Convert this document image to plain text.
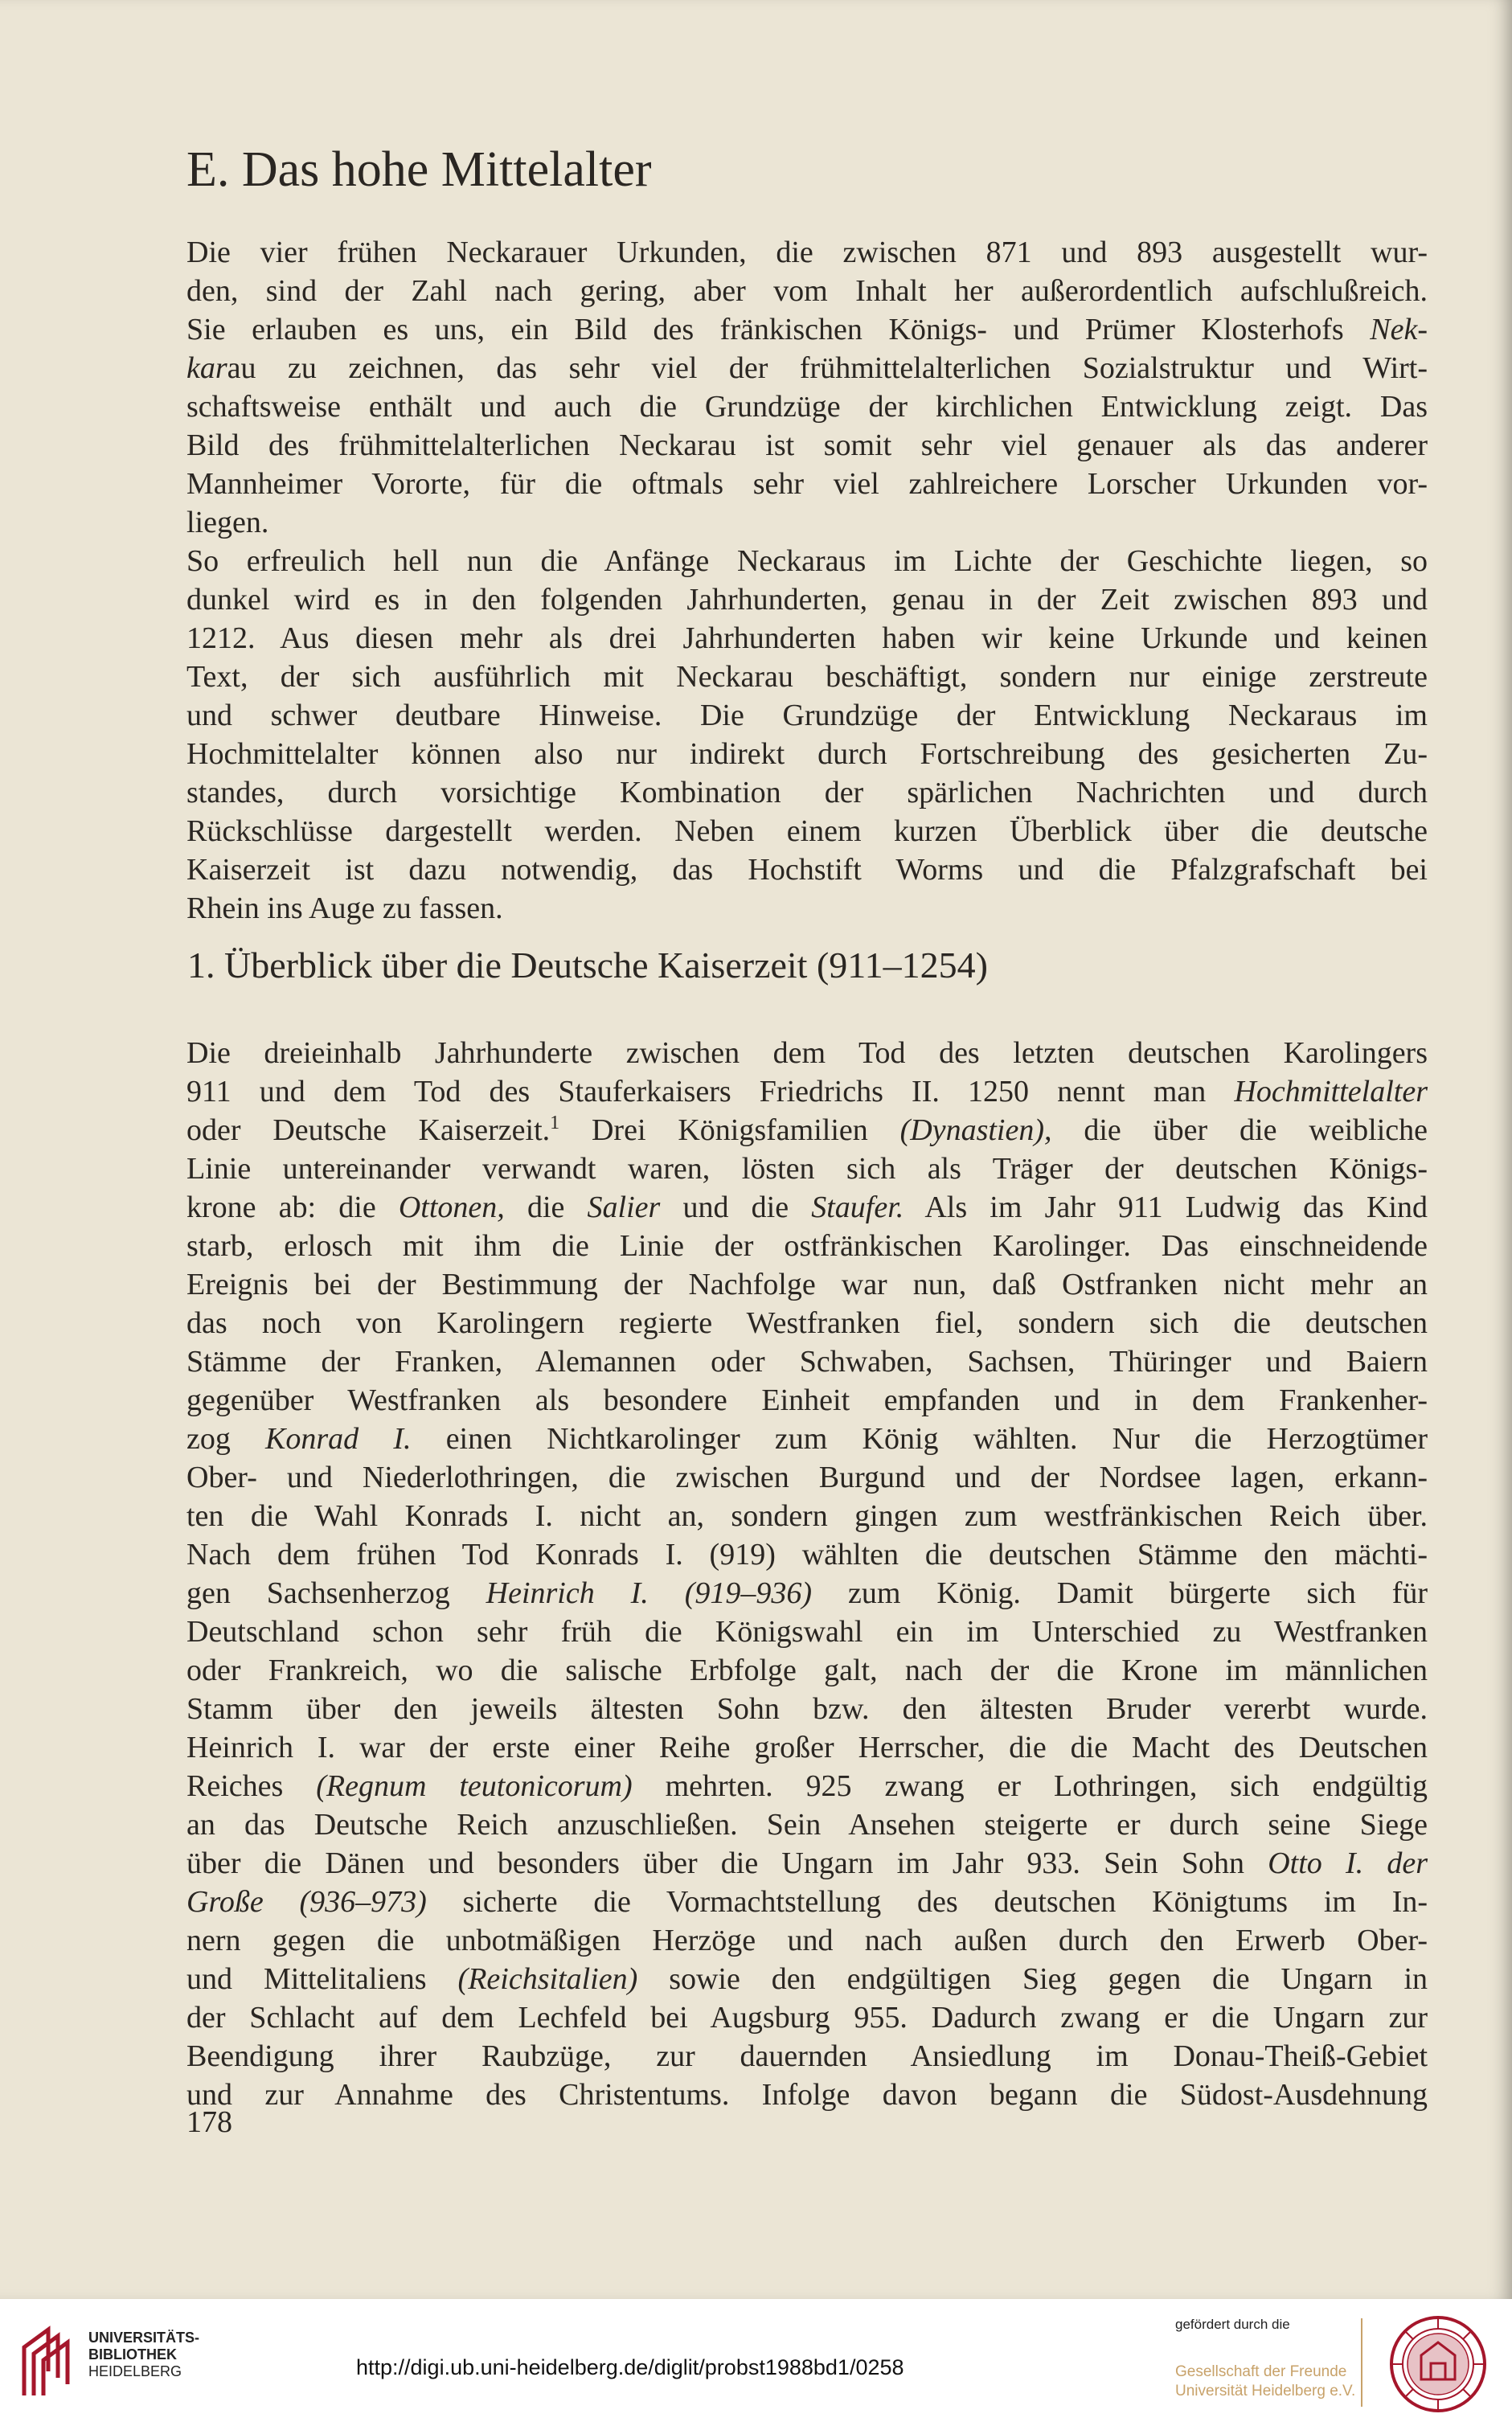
E. Das hohe Mittelalter
Die vier frühen Neckarauer Urkunden, die zwischen 871 und 893 ausgestellt wur-
den, sind der Zahl nach gering, aber vom Inhalt her außerordentlich aufschlußreich.
Sie erlauben es uns, ein Bild des fränkischen Königs- und Prümer Klosterhofs Nek-
karau zu zeichnen, das sehr viel der frühmittelalterlichen Sozialstruktur und Wirt-
schaftsweise enthält und auch die Grundzüge der kirchlichen Entwicklung zeigt. Das
Bild des frühmittelalterlichen Neckarau ist somit sehr viel genauer als das anderer
Mannheimer Vororte, für die oftmals sehr viel zahlreichere Lorscher Urkunden vor-
liegen.
So erfreulich hell nun die Anfänge Neckaraus im Lichte der Geschichte liegen, so
dunkel wird es in den folgenden Jahrhunderten, genau in der Zeit zwischen 893 und
1212. Aus diesen mehr als drei Jahrhunderten haben wir keine Urkunde und keinen
Text, der sich ausführlich mit Neckarau beschäftigt, sondern nur einige zerstreute
und schwer deutbare Hinweise. Die Grundzüge der Entwicklung Neckaraus im
Hochmittelalter können also nur indirekt durch Fortschreibung des gesicherten Zu-
standes, durch vorsichtige Kombination der spärlichen Nachrichten und durch
Rückschlüsse dargestellt werden. Neben einem kurzen Überblick über die deutsche
Kaiserzeit ist dazu notwendig, das Hochstift Worms und die Pfalzgrafschaft bei
Rhein ins Auge zu fassen.
1. Überblick über die Deutsche Kaiserzeit (911–1254)
Die dreieinhalb Jahrhunderte zwischen dem Tod des letzten deutschen Karolingers
911 und dem Tod des Stauferkaisers Friedrichs II. 1250 nennt man Hochmittelalter
oder Deutsche Kaiserzeit.$^1$ Drei Königsfamilien (Dynastien), die über die weibliche
Linie untereinander verwandt waren, lösten sich als Träger der deutschen Königs-
krone ab: die Ottonen, die Salier und die Staufer. Als im Jahr 911 Ludwig das Kind
starb, erlosch mit ihm die Linie der ostfränkischen Karolinger. Das einschneidende
Ereignis bei der Bestimmung der Nachfolge war nun, daß Ostfranken nicht mehr an
das noch von Karolingern regierte Westfranken fiel, sondern sich die deutschen
Stämme der Franken, Alemannen oder Schwaben, Sachsen, Thüringer und Baiern
gegenüber Westfranken als besondere Einheit empfanden und in dem Frankenher-
zog Konrad I. einen Nichtkarolinger zum König wählten. Nur die Herzogtümer
Ober- und Niederlothringen, die zwischen Burgund und der Nordsee lagen, erkann-
ten die Wahl Konrads I. nicht an, sondern gingen zum westfränkischen Reich über.
Nach dem frühen Tod Konrads I. (919) wählten die deutschen Stämme den mächti-
gen Sachsenherzog Heinrich I. (919–936) zum König. Damit bürgerte sich für
Deutschland schon sehr früh die Königswahl ein im Unterschied zu Westfranken
oder Frankreich, wo die salische Erbfolge galt, nach der die Krone im männlichen
Stamm über den jeweils ältesten Sohn bzw. den ältesten Bruder vererbt wurde.
Heinrich I. war der erste einer Reihe großer Herrscher, die die Macht des Deutschen
Reiches (Regnum teutonicorum) mehrten. 925 zwang er Lothringen, sich endgültig
an das Deutsche Reich anzuschließen. Sein Ansehen steigerte er durch seine Siege
über die Dänen und besonders über die Ungarn im Jahr 933. Sein Sohn Otto I. der
Große (936–973) sicherte die Vormachtstellung des deutschen Königtums im In-
nern gegen die unbotmäßigen Herzöge und nach außen durch den Erwerb Ober-
und Mittelitaliens (Reichsitalien) sowie den endgültigen Sieg gegen die Ungarn in
der Schlacht auf dem Lechfeld bei Augsburg 955. Dadurch zwang er die Ungarn zur
Beendigung ihrer Raubzüge, zur dauernden Ansiedlung im Donau-Theiß-Gebiet
und zur Annahme des Christentums. Infolge davon begann die Südost-Ausdehnung
178
UNIVERSITÄTS-
BIBLIOTHEK
HEIDELBERG	http://digi.ub.uni-heidelberg.de/diglit/probst1988bd1/0258
gefördert durch die
Gesellschaft der Freunde
Universität Heidelberg e.V.
